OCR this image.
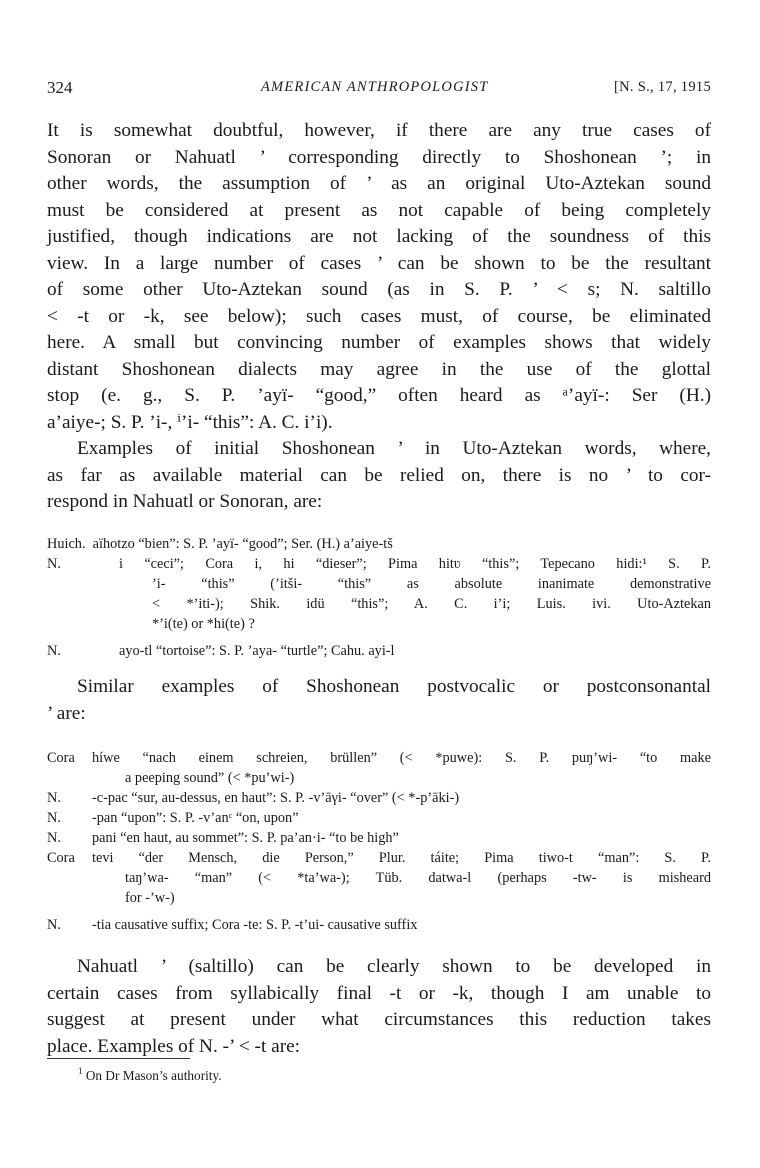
324	AMERICAN ANTHROPOLOGIST	[N. S., 17, 1915
It is somewhat doubtful, however, if there are any true cases of
Sonoran or Nahuatl ’ corresponding directly to Shoshonean ’; in
other words, the assumption of ’ as an original Uto-Aztekan sound
must be considered at present as not capable of being completely
justified, though indications are not lacking of the soundness of this
view. In a large number of cases ’ can be shown to be the resultant
of some other Uto-Aztekan sound (as in S. P. ’ < s; N. saltillo
< -t or -k, see below); such cases must, of course, be eliminated
here. A small but convincing number of examples shows that widely
distant Shoshonean dialects may agree in the use of the glottal
stop (e. g., S. P. ’ayï- “good,” often heard as ᵃ’ayï-: Ser (H.)
a’aiye-; S. P. ’i-, ⁱ’i- “this”: A. C. i’i).
Examples of initial Shoshonean ’ in Uto-Aztekan words, where,
as far as available material can be relied on, there is no ’ to cor-
respond in Nahuatl or Sonoran, are:
Huich. aïhotzo “bien”: S. P. ’ayï- “good”; Ser. (H.) a’aiye-tš
N.	i “ceci”; Cora i, hi “dieser”; Pima hitʋ “this”; Tepecano hidi:¹ S. P.
’i- “this” (’itši- “this” as absolute inanimate demonstrative
< *’iti-); Shik. idü “this”; A. C. i’i; Luis. ivi. Uto-Aztekan
*’i(te) or *hi(te) ?
N.	ayo-tl “tortoise”: S. P. ’aya- “turtle”; Cahu. ayi-l
Similar examples of Shoshonean postvocalic or postconsonantal
’ are:
Cora	híwe “nach einem schreien, brüllen” (< *puwe): S. P. puŋ’wi- “to make
a peeping sound” (< *pu’wi-)
N.	-c-pac “sur, au-dessus, en haut”: S. P. -v’āγi- “over” (< *-p’āki-)
N.	-pan “upon”: S. P. -v’anᶜ “on, upon”
N.	pani “en haut, au sommet”: S. P. pa’an·i- “to be high”
Cora	tevi “der Mensch, die Person,” Plur. táite; Pima tiwo-t “man”: S. P.
taŋ’wa- “man” (< *ta’wa-); Tüb. datwa-l (perhaps -tw- is misheard
for -’w-)
N.	-tia causative suffix; Cora -te: S. P. -t’ui- causative suffix
Nahuatl ’ (saltillo) can be clearly shown to be developed in
certain cases from syllabically final -t or -k, though I am unable to
suggest at present under what circumstances this reduction takes
place. Examples of N. -’ < -t are:
$^1$ On Dr Mason’s authority.
